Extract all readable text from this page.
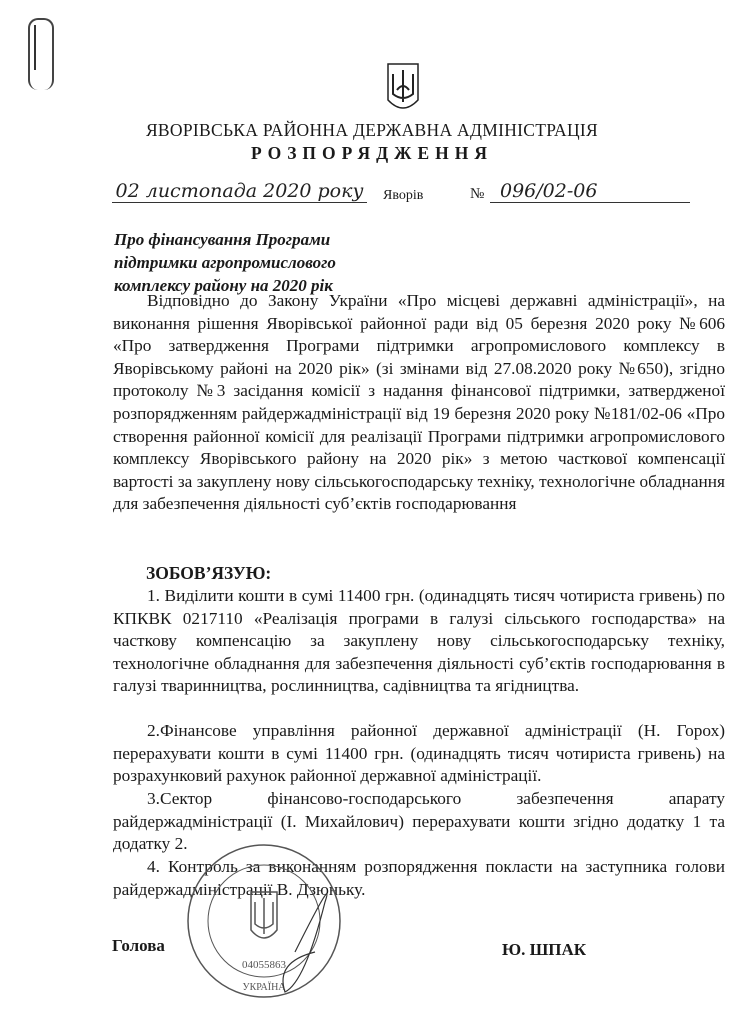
ЯВОРІВСЬКА РАЙОННА ДЕРЖАВНА АДМІНІСТРАЦІЯ
РОЗПОРЯДЖЕННЯ
02 листопада 2020 року Яворів	№ 096/02-06
Про фінансування Програми
підтримки агропромислового
комплексу району на 2020 рік

Відповідно до Закону України «Про місцеві державні адміністрації», на виконання рішення Яворівської районної ради від 05 березня 2020 року №606 «Про затвердження Програми підтримки агропромислового комплексу в Яворівському районі на 2020 рік» (зі змінами від 27.08.2020 року №650), згідно протоколу №3 засідання комісії з надання фінансової підтримки, затвердженої розпорядженням райдержадміністрації від 19 березня 2020 року №181/02-06 «Про створення районної комісії для реалізації Програми підтримки агропромислового комплексу Яворівського району на 2020 рік» з метою часткової компенсації вартості за закуплену нову сільськогосподарську техніку, технологічне обладнання для забезпечення діяльності суб’єктів господарювання

ЗОБОВ’ЯЗУЮ:

1. Виділити кошти в сумі 11400 грн. (одинадцять тисяч чотириста гривень) по КПКВК 0217110 «Реалізація програми в галузі сільського господарства» на часткову компенсацію за закуплену нову сільськогосподарську техніку, технологічне обладнання для забезпечення діяльності суб’єктів господарювання в галузі тваринництва, рослинництва, садівництва та ягідництва.

2.Фінансове управління районної державної адміністрації (Н. Горох) перерахувати кошти в сумі 11400 грн. (одинадцять тисяч чотириста гривень) на розрахунковий рахунок районної державної адміністрації.

3.Сектор фінансово-господарського забезпечення апарату райдержадміністрації (І. Михайлович) перерахувати кошти згідно додатку 1 та додатку 2.

4. Контроль за виконанням розпорядження покласти на заступника голови райдержадміністрації В. Дзюньку.

04055863
УКРАЇНА
Голова	Ю. ШПАК
